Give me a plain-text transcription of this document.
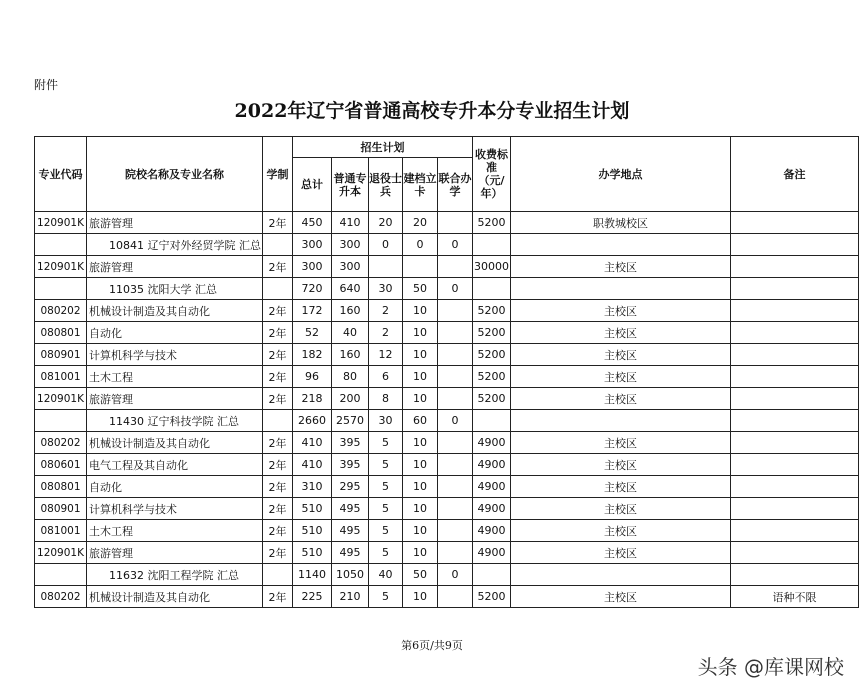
附件
2022年辽宁省普通高校专升本分专业招生计划
专业代码	院校名称及专业名称	学制	招生计划					收费标准（元/年）	办学地点	备注
			总计	普通专升本	退役士兵	建档立卡	联合办学			
120901K	旅游管理	2年	450	410	20	20		5200	职教城校区	
	10841 辽宁对外经贸学院 汇总		300	300	0	0	0			
120901K	旅游管理	2年	300	300				30000	主校区	
	11035 沈阳大学 汇总		720	640	30	50	0			
080202	机械设计制造及其自动化	2年	172	160	2	10		5200	主校区	
080801	自动化	2年	52	40	2	10		5200	主校区	
080901	计算机科学与技术	2年	182	160	12	10		5200	主校区	
081001	土木工程	2年	96	80	6	10		5200	主校区	
120901K	旅游管理	2年	218	200	8	10		5200	主校区	
	11430 辽宁科技学院 汇总		2660	2570	30	60	0			
080202	机械设计制造及其自动化	2年	410	395	5	10		4900	主校区	
080601	电气工程及其自动化	2年	410	395	5	10		4900	主校区	
080801	自动化	2年	310	295	5	10		4900	主校区	
080901	计算机科学与技术	2年	510	495	5	10		4900	主校区	
081001	土木工程	2年	510	495	5	10		4900	主校区	
120901K	旅游管理	2年	510	495	5	10		4900	主校区	
	11632 沈阳工程学院 汇总		1140	1050	40	50	0			
080202	机械设计制造及其自动化	2年	225	210	5	10		5200	主校区	语种不限
第6页/共9页
头条 @库课网校
